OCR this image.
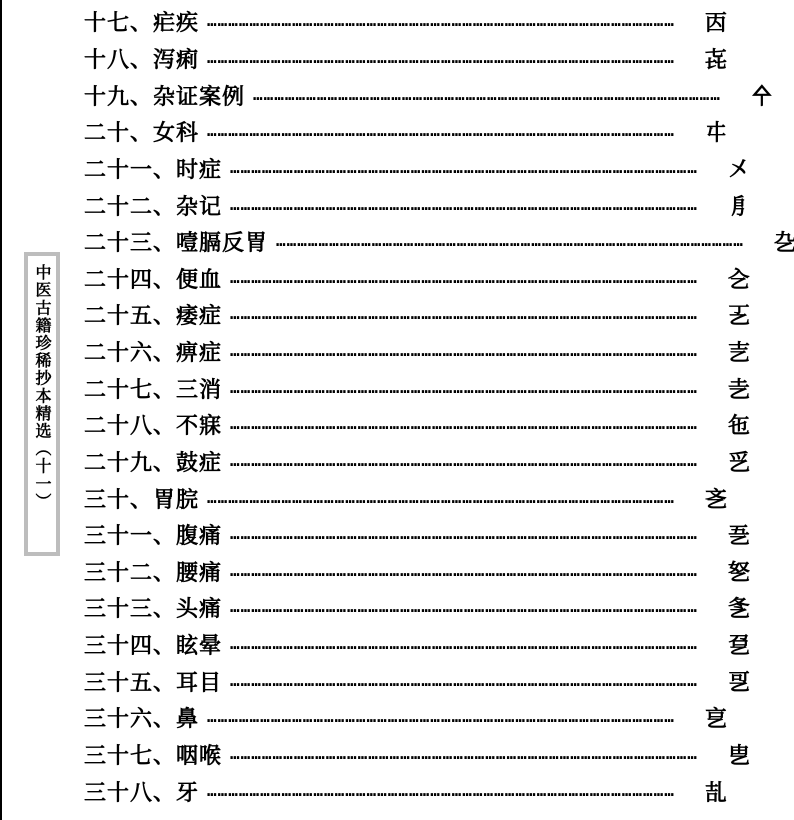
中医古籍珍稀抄本精选（十一）
十七、疟疾 ……………………………………………………………………………………………………………………	㐁
十八、泻痢 ……………………………………………………………………………………………………………………	㐂
十九、杂证案例 ……………………………………………………………………………………………………………………	㐃
二十、女科 ……………………………………………………………………………………………………………………	㐄
二十一、时症 ……………………………………………………………………………………………………………………	㐅
二十二、杂记 ……………………………………………………………………………………………………………………	㐆
二十三、噎膈反胃 ……………………………………………………………………………………………………………………	㐇
二十四、便血 ……………………………………………………………………………………………………………………	㐈
二十五、痿症 ……………………………………………………………………………………………………………………	㐉
二十六、痹症 ……………………………………………………………………………………………………………………	㐊
二十七、三消 ……………………………………………………………………………………………………………………	㐋
二十八、不寐 ……………………………………………………………………………………………………………………	㐌
二十九、鼓症 ……………………………………………………………………………………………………………………	㐍
三十、胃脘 ……………………………………………………………………………………………………………………	㐎
三十一、腹痛 ……………………………………………………………………………………………………………………	㐏
三十二、腰痛 ……………………………………………………………………………………………………………………	㐐
三十三、头痛 ……………………………………………………………………………………………………………………	㐑
三十四、眩晕 ……………………………………………………………………………………………………………………	㐒
三十五、耳目 ……………………………………………………………………………………………………………………	㐓
三十六、鼻 ……………………………………………………………………………………………………………………	㐔
三十七、咽喉 ……………………………………………………………………………………………………………………	㐕
三十八、牙 ……………………………………………………………………………………………………………………	㐖
